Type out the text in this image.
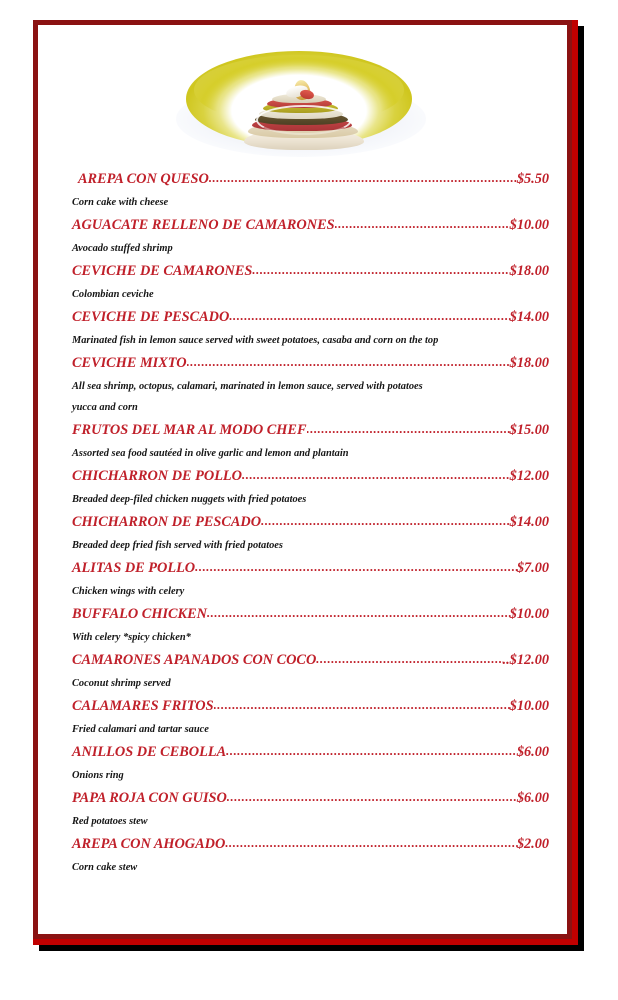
AREPA CON QUESO .....	$5.50
Corn cake with cheese
AGUACATE RELLENO DE CAMARONES .....	$10.00
Avocado stuffed shrimp
CEVICHE DE CAMARONES .....	$18.00
Colombian ceviche
CEVICHE DE PESCADO .....	$14.00
Marinated fish in lemon sauce served with sweet potatoes, casaba and corn on the top
CEVICHE MIXTO .....	$18.00
All sea shrimp, octopus, calamari, marinated in lemon sauce, served with potatoes
yucca and corn
FRUTOS DEL MAR AL MODO CHEF .....	$15.00
Assorted sea food sautéed in olive garlic and lemon and plantain
CHICHARRON DE POLLO .....	$12.00
Breaded deep-filed chicken nuggets with fried potatoes
CHICHARRON DE PESCADO .....	$14.00
Breaded deep fried fish served with fried potatoes
ALITAS DE POLLO .....	$7.00
Chicken wings with celery
BUFFALO CHICKEN .....	$10.00
With celery *spicy chicken*
CAMARONES APANADOS CON COCO .....	..$12.00
Coconut shrimp served
CALAMARES FRITOS .....	$10.00
Fried calamari and tartar sauce
ANILLOS DE CEBOLLA .....	$6.00
Onions ring
PAPA ROJA CON GUISO .....	$6.00
Red potatoes stew
AREPA CON AHOGADO .....	$2.00
Corn cake stew
